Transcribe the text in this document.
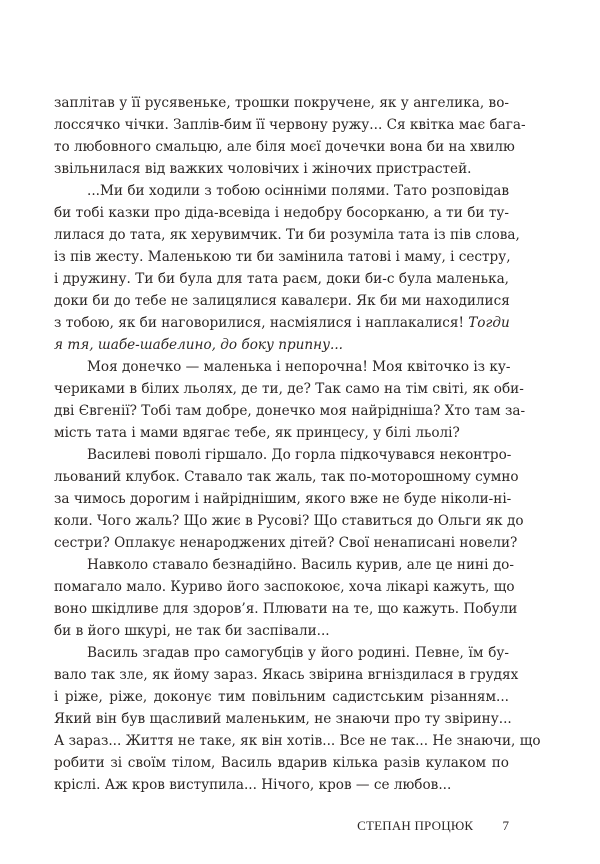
заплітав у її русявеньке, трошки покручене, як у ангелика, во-
лоссячко чічки. Заплів-бим її червону ружу... Ся квітка має бага-
то любовного смальцю, але біля моєї дочечки вона би на хвилю
звільнилася від важких чоловічих і жіночих пристрастей.
...Ми би ходили з тобою осінніми полями. Тато розповідав
би тобі казки про діда-всевіда і недобру босорканю, а ти би ту-
лилася до тата, як херувимчик. Ти би розуміла тата із пів слова,
із пів жесту. Маленькою ти би замінила татові і маму, і сестру,
і дружину. Ти би була для тата раєм, доки би-с була маленька,
доки би до тебе не залицялися кавалєри. Як би ми находилися
з тобою, як би наговорилися, насміялися і наплакалися! Тогди
я тя, шабе-шабелино, до боку припну...
Моя донечко — маленька і непорочна! Моя квіточко із ку-
чериками в білих льолях, де ти, де? Так само на тім світі, як оби-
дві Євгенії? Тобі там добре, донечко моя найрідніша? Хто там за-
мість тата і мами вдягає тебе, як принцесу, у білі льолі?
Василеві поволі гіршало. До горла підкочувався неконтро-
льований клубок. Ставало так жаль, так по-моторошному сумно
за чимось дорогим і найріднішим, якого вже не буде ніколи-ні-
коли. Чого жаль? Що жиє в Русові? Що ставиться до Ольги як до
сестри? Оплакує ненароджених дітей? Свої ненаписані новели?
Навколо ставало безнадійно. Василь курив, але це нині до-
помагало мало. Куриво його заспокоює, хоча лікарі кажуть, що
воно шкідливе для здоров’я. Плювати на те, що кажуть. Побули
би в його шкурі, не так би заспівали...
Василь згадав про самогубців у його родині. Певне, їм бу-
вало так зле, як йому зараз. Якась звірина вгніздилася в грудях
і ріже, ріже, доконує тим повільним садистським різанням...
Який він був щасливий маленьким, не знаючи про ту звірину...
А зараз... Життя не таке, як він хотів... Все не так... Не знаючи, що
робити зі своїм тілом, Василь вдарив кілька разів кулаком по
кріслі. Аж кров виступила... Нічого, кров — се любов...
СТЕПАН ПРОЦЮК 7
